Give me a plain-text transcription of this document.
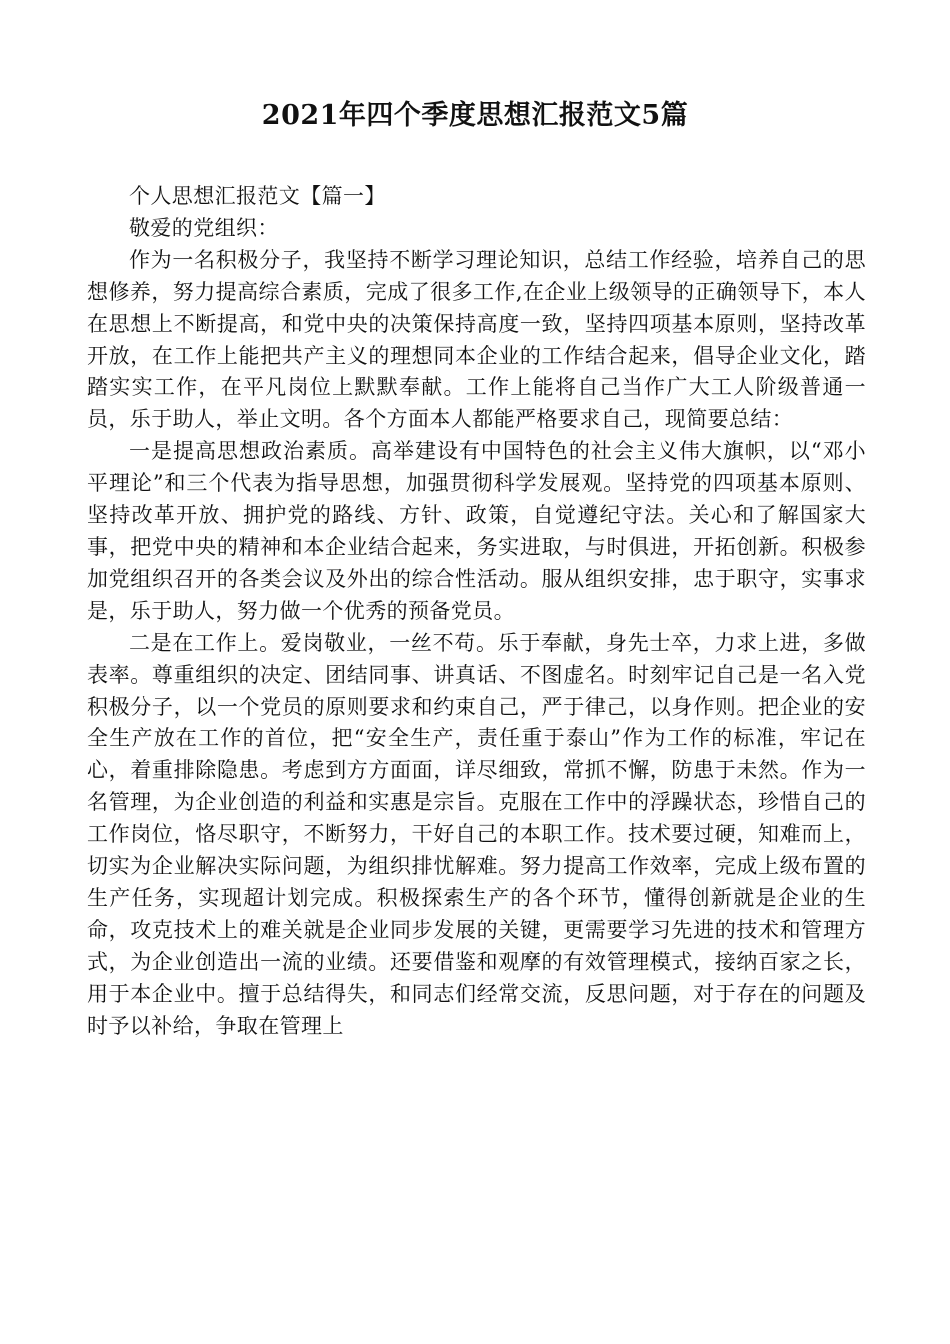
2021年四个季度思想汇报范文5篇

个人思想汇报范文【篇一】

敬爱的党组织：

作为一名积极分子，我坚持不断学习理论知识，总结工作经验，培养自己的思想修养，努力提高综合素质，完成了很多工作,在企业上级领导的正确领导下，本人在思想上不断提高，和党中央的决策保持高度一致，坚持四项基本原则，坚持改革开放，在工作上能把共产主义的理想同本企业的工作结合起来，倡导企业文化，踏踏实实工作，在平凡岗位上默默奉献。工作上能将自己当作广大工人阶级普通一员，乐于助人，举止文明。各个方面本人都能严格要求自己，现简要总结：

一是提高思想政治素质。高举建设有中国特色的社会主义伟大旗帜，以“邓小平理论”和三个代表为指导思想，加强贯彻科学发展观。坚持党的四项基本原则、坚持改革开放、拥护党的路线、方针、政策，自觉遵纪守法。关心和了解国家大事，把党中央的精神和本企业结合起来，务实进取，与时俱进，开拓创新。积极参加党组织召开的各类会议及外出的综合性活动。服从组织安排，忠于职守，实事求是，乐于助人，努力做一个优秀的预备党员。

二是在工作上。爱岗敬业，一丝不苟。乐于奉献，身先士卒，力求上进，多做表率。尊重组织的决定、团结同事、讲真话、不图虚名。时刻牢记自己是一名入党积极分子，以一个党员的原则要求和约束自己，严于律己，以身作则。把企业的安全生产放在工作的首位，把“安全生产，责任重于泰山”作为工作的标准，牢记在心，着重排除隐患。考虑到方方面面，详尽细致，常抓不懈，防患于未然。作为一名管理，为企业创造的利益和实惠是宗旨。克服在工作中的浮躁状态，珍惜自己的工作岗位，恪尽职守，不断努力，干好自己的本职工作。技术要过硬，知难而上，切实为企业解决实际问题，为组织排忧解难。努力提高工作效率，完成上级布置的生产任务，实现超计划完成。积极探索生产的各个环节，懂得创新就是企业的生命，攻克技术上的难关就是企业同步发展的关键，更需要学习先进的技术和管理方式，为企业创造出一流的业绩。还要借鉴和观摩的有效管理模式，接纳百家之长，用于本企业中。擅于总结得失，和同志们经常交流，反思问题，对于存在的问题及时予以补给，争取在管理上
